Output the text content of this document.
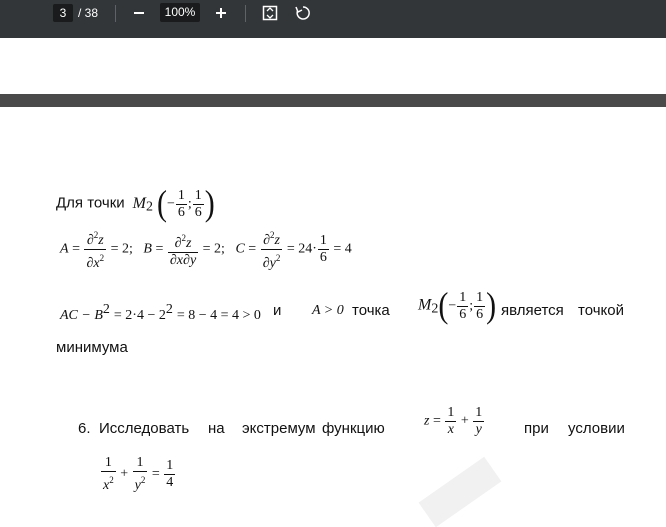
3 / 38	100%
Для точки $M_2$ (− $\frac{1}{6}$ ; $\frac{1}{6}$ )
$A = \frac{\partial^2z}{\partial x^2} = 2$;   $B = \frac{\partial^2z}{\partial x\partial y} = 2$;   $C = \frac{\partial^2z}{\partial y^2} = 24\cdot \frac{1}{6} = 4$
AC − $B^2 = 2\cdot 4 - 2^2 = 8 - 4 = 4 > 0$ и A > 0 точка $M_2(- \frac{1}{6}$ ; $\frac{1}{6}$ ) является точкой
минимума
6. Исследовать на экстремум функцию	$z = \frac{1}{x} + \frac{1}{y}$	при условии
$\frac{1}{x^2} + \frac{1}{y^2} = \frac{1}{4}$
